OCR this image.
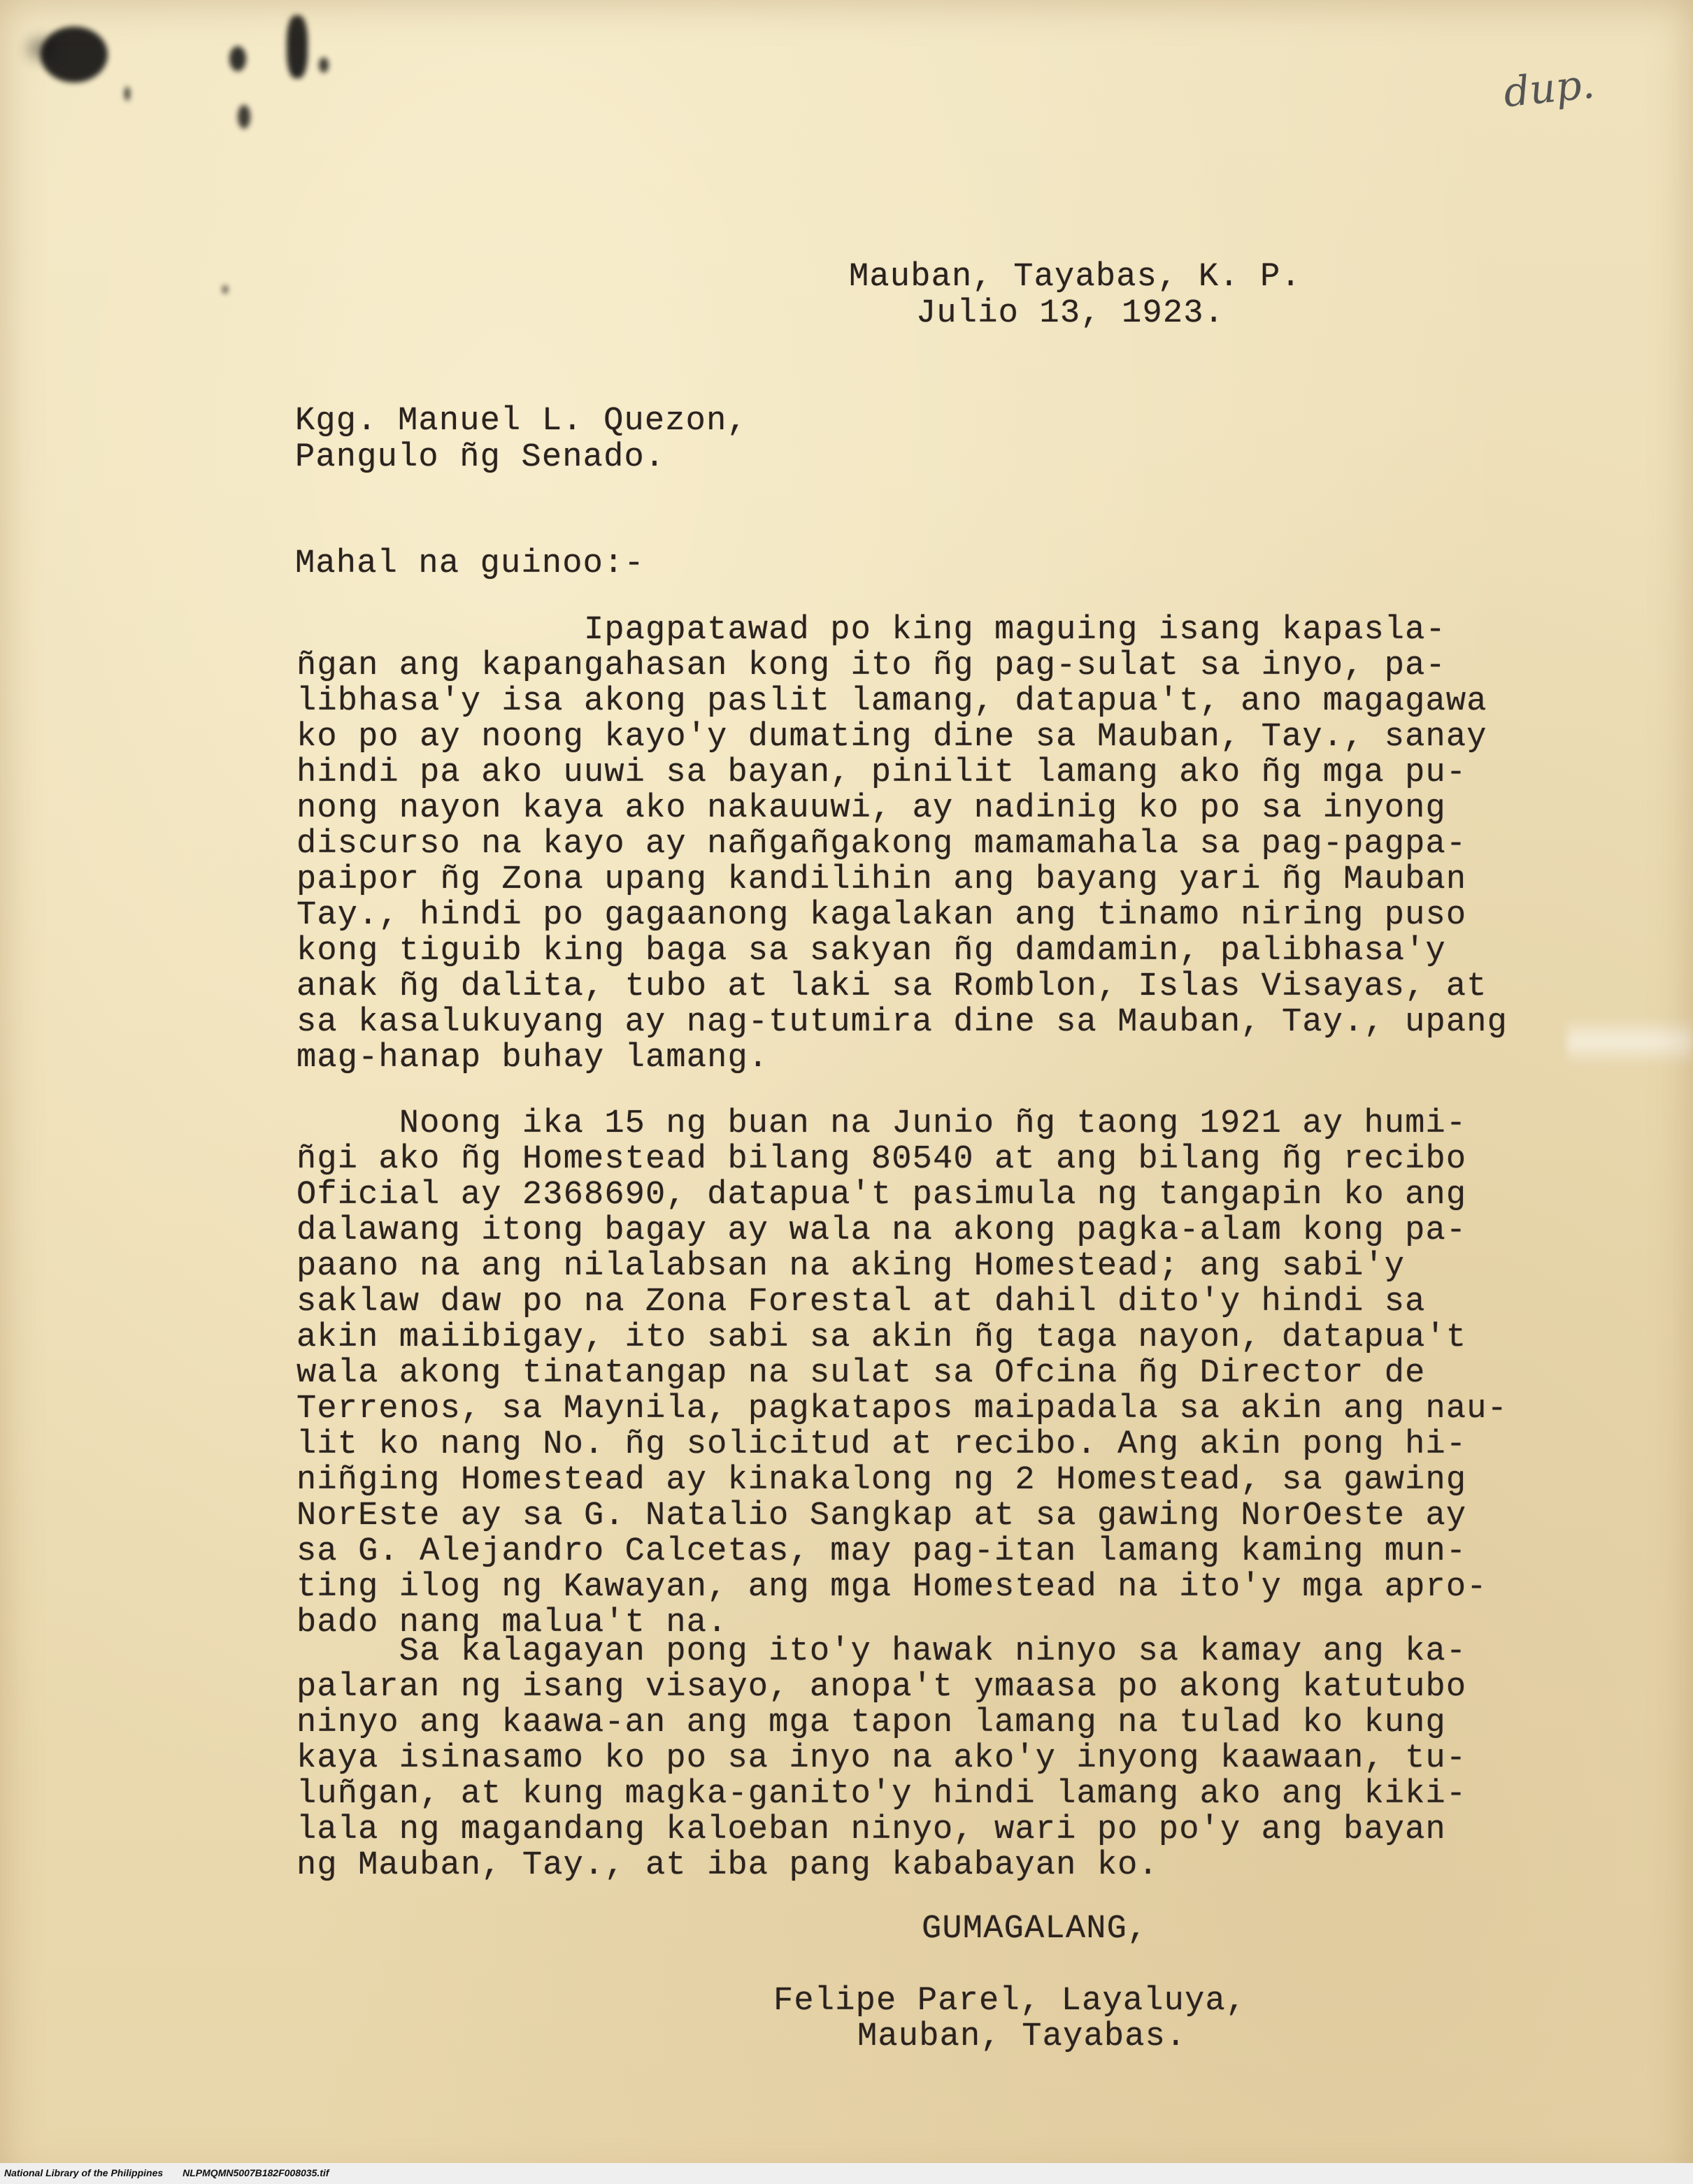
dup.
Mauban, Tayabas, K. P.
Julio 13, 1923.
Kgg. Manuel L. Quezon,
Pangulo ñg Senado.
Mahal na guinoo:-
Ipagpatawad po king maguing isang kapasla-
ñgan ang kapangahasan kong ito ñg pag-sulat sa inyo, pa-
libhasa'y isa akong paslit lamang, datapua't, ano magagawa
ko po ay noong kayo'y dumating dine sa Mauban, Tay., sanay
hindi pa ako uuwi sa bayan, pinilit lamang ako ñg mga pu-
nong nayon kaya ako nakauuwi, ay nadinig ko po sa inyong
discurso na kayo ay nañgañgakong mamamahala sa pag-pagpa-
paipor ñg Zona upang kandilihin ang bayang yari ñg Mauban
Tay., hindi po gagaanong kagalakan ang tinamo niring puso
kong tiguib king baga sa sakyan ñg damdamin, palibhasa'y
anak ñg dalita, tubo at laki sa Romblon, Islas Visayas, at
sa kasalukuyang ay nag-tutumira dine sa Mauban, Tay., upang
mag-hanap buhay lamang.
Noong ika 15 ng buan na Junio ñg taong 1921 ay humi-
ñgi ako ñg Homestead bilang 80540 at ang bilang ñg recibo
Oficial ay 2368690, datapua't pasimula ng tangapin ko ang
dalawang itong bagay ay wala na akong pagka-alam kong pa-
paano na ang nilalabsan na aking Homestead; ang sabi'y
saklaw daw po na Zona Forestal at dahil dito'y hindi sa
akin maiibigay, ito sabi sa akin ñg taga nayon, datapua't
wala akong tinatangap na sulat sa Ofcina ñg Director de
Terrenos, sa Maynila, pagkatapos maipadala sa akin ang nau-
lit ko nang No. ñg solicitud at recibo. Ang akin pong hi-
niñging Homestead ay kinakalong ng 2 Homestead, sa gawing
NorEste ay sa G. Natalio Sangkap at sa gawing NorOeste ay
sa G. Alejandro Calcetas, may pag-itan lamang kaming mun-
ting ilog ng Kawayan, ang mga Homestead na ito'y mga apro-
bado nang malua't na.
Sa kalagayan pong ito'y hawak ninyo sa kamay ang ka-
palaran ng isang visayo, anopa't ymaasa po akong katutubo
ninyo ang kaawa-an ang mga tapon lamang na tulad ko kung
kaya isinasamo ko po sa inyo na ako'y inyong kaawaan, tu-
luñgan, at kung magka-ganito'y hindi lamang ako ang kiki-
lala ng magandang kaloeban ninyo, wari po po'y ang bayan
ng Mauban, Tay., at iba pang kababayan ko.
GUMAGALANG,
Felipe Parel, Layaluya,
Mauban, Tayabas.
National Library of the Philippines NLPMQMN5007B182F008035.tif
